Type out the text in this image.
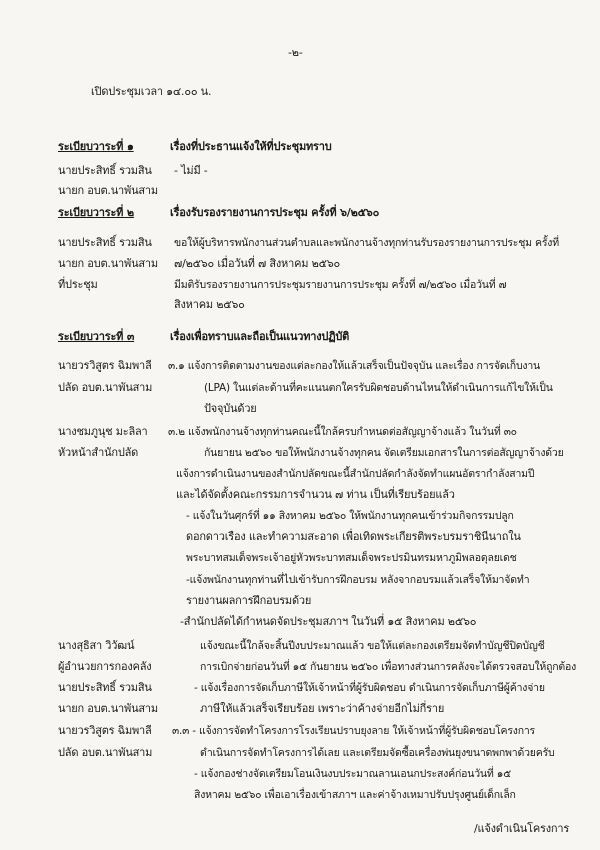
-๒-
เปิดประชุมเวลา ๑๔.๐๐ น.
ระเบียบวาระที่ ๑	เรื่องที่ประธานแจ้งให้ที่ประชุมทราบ
นายประสิทธิ์ รวมสิน - ไม่มี -
นายก อบต.นาพันสาม
ระเบียบวาระที่ ๒	เรื่องรับรองรายงานการประชุม ครั้งที่ ๖/๒๕๖๐
นายประสิทธิ์ รวมสิน ขอให้ผู้บริหารพนักงานส่วนตำบลและพนักงานจ้างทุกท่านรับรองรายงานการประชุม ครั้งที่
นายก อบต.นาพันสาม ๗/๒๕๖๐ เมื่อวันที่ ๗ สิงหาคม ๒๕๖๐
ที่ประชุม	มีมติรับรองรายงานการประชุมรายงานการประชุม ครั้งที่ ๗/๒๕๖๐ เมื่อวันที่ ๗
สิงหาคม ๒๕๖๐
ระเบียบวาระที่ ๓	เรื่องเพื่อทราบและถือเป็นแนวทางปฏิบัติ
นายวรวิสูตร ฉิมพาลี ๓.๑ แจ้งการติดตามงานของแต่ละกองให้แล้วเสร็จเป็นปัจจุบัน และเรื่อง การจัดเก็บงาน
ปลัด อบต.นาพันสาม	(LPA) ในแต่ละด้านที่คะแนนตกใครรับผิดชอบด้านไหนให้ดำเนินการแก้ไขให้เป็น
ปัจจุบันด้วย
นางชมภูนุช มะลิลา ๓.๒ แจ้งพนักงานจ้างทุกท่านคณะนี้ใกล้ครบกำหนดต่อสัญญาจ้างแล้ว ในวันที่ ๓๐
หัวหน้าสำนักปลัด	กันยายน ๒๕๖๐ ขอให้พนักงานจ้างทุกคน จัดเตรียมเอกสารในการต่อสัญญาจ้างด้วย
แจ้งการดำเนินงานของสำนักปลัดขณะนี้สำนักปลัดกำลังจัดทำแผนอัตรากำลังสามปี
และได้จัดตั้งคณะกรรมการจำนวน ๗ ท่าน เป็นที่เรียบร้อยแล้ว
- แจ้งในวันศุกร์ที่ ๑๑ สิงหาคม ๒๕๖๐ ให้พนักงานทุกคนเข้าร่วมกิจกรรมปลูก
ดอกดาวเรือง และทำความสะอาด เพื่อเทิดพระเกียรติพระบรมราชินีนาถใน
พระบาทสมเด็จพระเจ้าอยู่หัวพระบาทสมเด็จพระปรมินทรมหาภูมิพลอดุลยเดช
-แจ้งพนักงานทุกท่านที่ไปเข้ารับการฝึกอบรม หลังจากอบรมแล้วเสร็จให้มาจัดทำ
รายงานผลการฝึกอบรมด้วย
-สำนักปลัดได้กำหนดจัดประชุมสภาฯ ในวันที่ ๑๕ สิงหาคม ๒๕๖๐
นางสุธิสา วิวัฒน์	แจ้งขณะนี้ใกล้จะสิ้นปีงบประมาณแล้ว ขอให้แต่ละกองเตรียมจัดทำบัญชีปิดบัญชี
ผู้อำนวยการกองคลัง	การเบิกจ่ายก่อนวันที่ ๑๕ กันยายน ๒๕๖๐ เพื่อทางส่วนการคลังจะได้ตรวจสอบให้ถูกต้อง
นายประสิทธิ์ รวมสิน	- แจ้งเรื่องการจัดเก็บภาษีให้เจ้าหน้าที่ผู้รับผิดชอบ ดำเนินการจัดเก็บภาษีผู้ค้างจ่าย
นายก อบต.นาพันสาม	ภาษีให้แล้วเสร็จเรียบร้อย เพราะว่าค้างจ่ายอีกไม่กี่ราย
นายวรวิสูตร ฉิมพาลี ๓.๓ - แจ้งการจัดทำโครงการโรงเรียนปราบยุงลาย ให้เจ้าหน้าที่ผู้รับผิดชอบโครงการ
ปลัด อบต.นาพันสาม	ดำเนินการจัดทำโครงการได้เลย และเตรียมจัดซื้อเครื่องพ่นยุงขนาดพกพาด้วยครับ
- แจ้งกองช่างจัดเตรียมโอนเงินงบประมาณลานเอนกประสงค์ก่อนวันที่ ๑๕
สิงหาคม ๒๕๖๐ เพื่อเอาเรื่องเข้าสภาฯ และค่าจ้างเหมาปรับปรุงศูนย์เด็กเล็ก
/แจ้งดำเนินโครงการ
